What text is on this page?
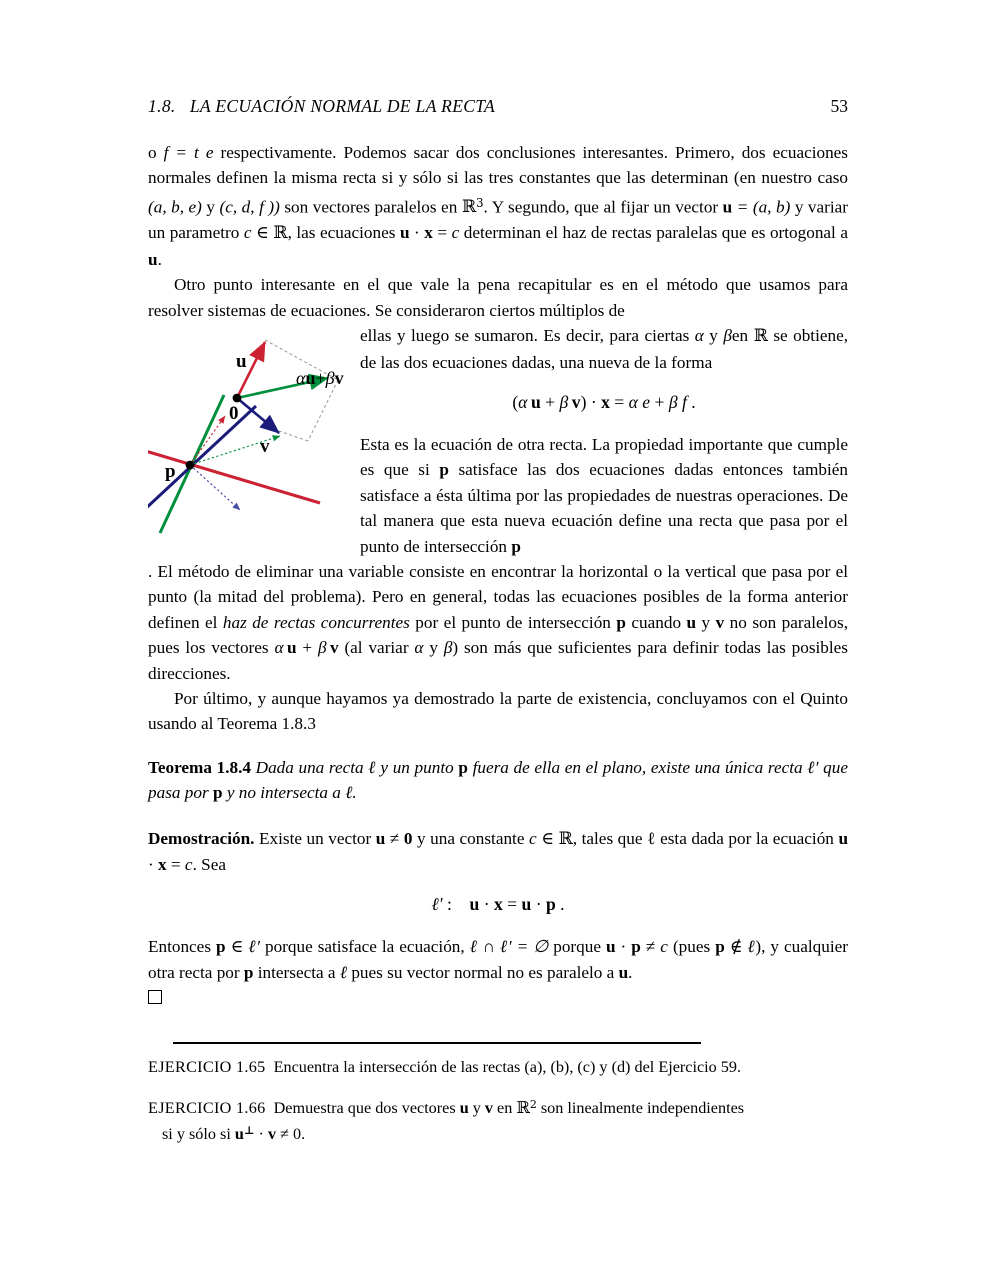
1.8.   LA ECUACIÓN NORMAL DE LA RECTA	53

o f = t e respectivamente. Podemos sacar dos conclusiones interesantes. Primero, dos ecuaciones normales definen la misma recta si y sólo si las tres constantes que las determinan (en nuestro caso (a, b, e) y (c, d, f )) son vectores paralelos en ℝ$^3$. Y segundo, que al fijar un vector u = (a, b) y variar un parametro c ∈ ℝ, las ecuaciones u · x = c determinan el haz de rectas paralelas que es ortogonal a u.

Otro punto interesante en el que vale la pena recapitular es en el método que usamos para resolver sistemas de ecuaciones. Se consideraron ciertos múltiplos de

p
u
0
v
αu+βv

ellas y luego se sumaron. Es decir, para ciertas α y βen ℝ se obtiene, de las dos ecuaciones dadas, una nueva de la forma

(α  u + β  v) · x = α e + β f .

Esta es la ecuación de otra recta. La propiedad importante que cumple es que si p satisface las dos ecuaciones dadas entonces también satisface a ésta última por las propiedades de nuestras operaciones. De tal manera que esta nueva ecuación define una recta que pasa por el punto de intersección p

. El método de eliminar una variable consiste en encontrar la horizontal o la vertical que pasa por el punto (la mitad del problema). Pero en general, todas las ecuaciones posibles de la forma anterior definen el haz de rectas concurrentes por el punto de intersección p cuando u y v no son paralelos, pues los vectores α  u + β  v (al variar α y β) son más que suficientes para definir todas las posibles direcciones.

Por último, y aunque hayamos ya demostrado la parte de existencia, concluyamos con el Quinto usando al Teorema 1.8.3

Teorema 1.8.4 Dada una recta ℓ y un punto p fuera de ella en el plano, existe una única recta ℓ′ que pasa por p y no intersecta a ℓ.
Demostración. Existe un vector u ≠ 0 y una constante c ∈ ℝ, tales que ℓ esta dada por la ecuación u · x = c. Sea
ℓ′ :    u · x = u · p .
Entonces p ∈ ℓ′ porque satisface la ecuación, ℓ ∩ ℓ′ = ∅ porque u · p ≠ c (pues p ∉ ℓ), y cualquier otra recta por p intersecta a ℓ pues su vector normal no es paralelo a u.

EJERCICIO 1.65 Encuentra la intersección de las rectas (a), (b), (c) y (d) del Ejercicio 59.

EJERCICIO 1.66 Demuestra que dos vectores u y v en ℝ$^2$ son linealmente independientes
si y sólo si u⊥ · v ≠ 0.
